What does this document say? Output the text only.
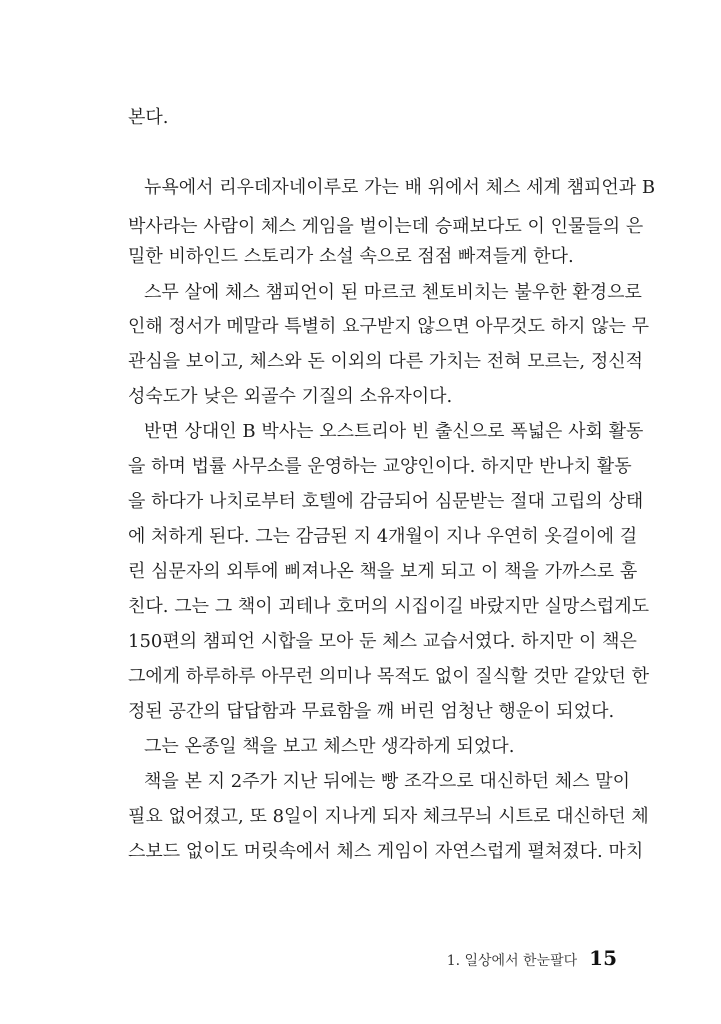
본다.

뉴욕에서 리우데자네이루로 가는 배 위에서 체스 세계 챔피언과 B

박사라는 사람이 체스 게임을 벌이는데 승패보다도 이 인물들의 은

밀한 비하인드 스토리가 소설 속으로 점점 빠져들게 한다.

스무 살에 체스 챔피언이 된 마르코 첸토비치는 불우한 환경으로

인해 정서가 메말라 특별히 요구받지 않으면 아무것도 하지 않는 무

관심을 보이고, 체스와 돈 이외의 다른 가치는 전혀 모르는, 정신적

성숙도가 낮은 외골수 기질의 소유자이다.

반면 상대인 B 박사는 오스트리아 빈 출신으로 폭넓은 사회 활동

을 하며 법률 사무소를 운영하는 교양인이다. 하지만 반나치 활동

을 하다가 나치로부터 호텔에 감금되어 심문받는 절대 고립의 상태

에 처하게 된다. 그는 감금된 지 4개월이 지나 우연히 옷걸이에 걸

린 심문자의 외투에 삐져나온 책을 보게 되고 이 책을 가까스로 훔

친다. 그는 그 책이 괴테나 호머의 시집이길 바랐지만 실망스럽게도

150편의 챔피언 시합을 모아 둔 체스 교습서였다. 하지만 이 책은

그에게 하루하루 아무런 의미나 목적도 없이 질식할 것만 같았던 한

정된 공간의 답답함과 무료함을 깨 버린 엄청난 행운이 되었다.

그는 온종일 책을 보고 체스만 생각하게 되었다.

책을 본 지 2주가 지난 뒤에는 빵 조각으로 대신하던 체스 말이

필요 없어졌고, 또 8일이 지나게 되자 체크무늬 시트로 대신하던 체

스보드 없이도 머릿속에서 체스 게임이 자연스럽게 펼쳐졌다. 마치

1. 일상에서 한눈팔다 15
